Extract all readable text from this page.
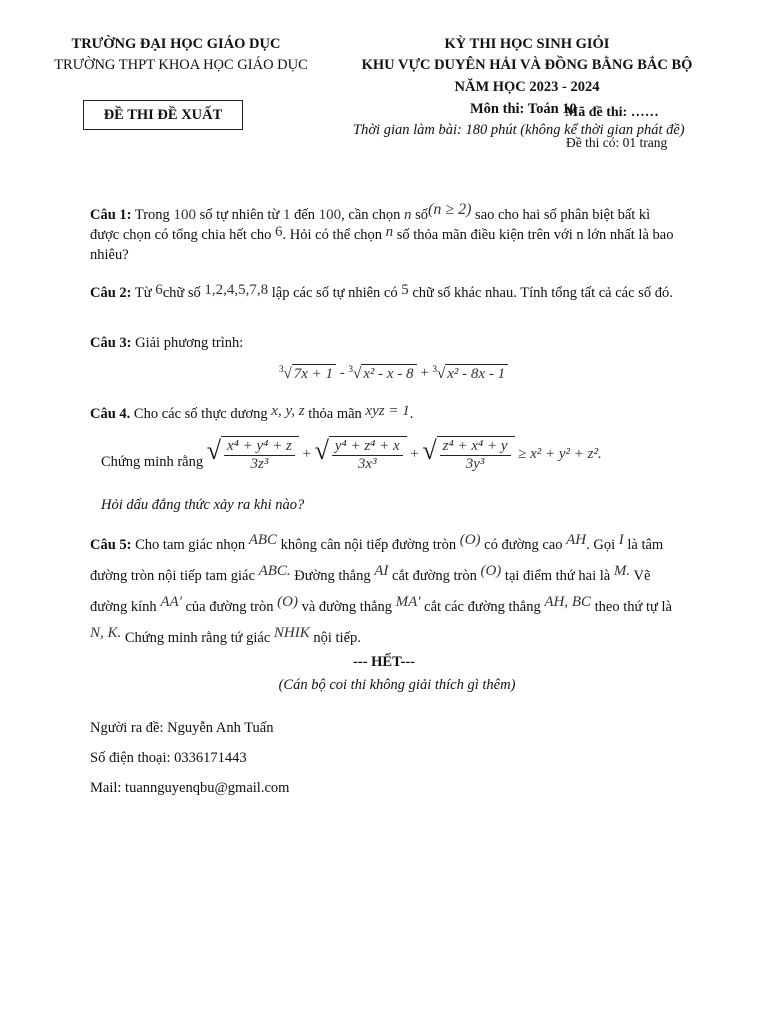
TRƯỜNG ĐẠI HỌC GIÁO DỤC
TRƯỜNG THPT KHOA HỌC GIÁO DỤC
ĐỀ THI ĐỀ XUẤT
KỲ THI HỌC SINH GIỎI
KHU VỰC DUYÊN HẢI VÀ ĐỒNG BẰNG BẮC BỘ
NĂM HỌC 2023 - 2024
Môn thi: Toán 10
Mã đề thi: ……
Thời gian làm bài: 180 phút (không kể thời gian phát đề)
Đề thi có: 01 trang
Câu 1: Trong 100 số tự nhiên từ 1 đến 100, cần chọn n số(n ≥ 2) sao cho hai số phân biệt bất kì được chọn có tổng chia hết cho 6. Hỏi có thể chọn n số thỏa mãn điều kiện trên với n lớn nhất là bao nhiêu?
Câu 2: Từ 6chữ số 1,2,4,5,7,8 lập các số tự nhiên có 5 chữ số khác nhau. Tính tổng tất cả các số đó.
Câu 3: Giải phương trình:
$^3$√ 7x + 1 - $^3$√ x² - x - 8 + $^3$√ x² - 8x - 1
Câu 4. Cho các số thực dương x, y, z thỏa mãn xyz = 1.
Chứng minh rằng √ $\frac{\text{x⁴ + y⁴ + z}}{\text{3z³}}$ + √ $\frac{\text{y⁴ + z⁴ + x}}{\text{3x³}}$ + √ $\frac{\text{z⁴ + x⁴ + y}}{\text{3y³}} \ge x^2 + y^2 + z^2$.
Hỏi dấu đẳng thức xảy ra khi nào?
Câu 5: Cho tam giác nhọn ABC không cân nội tiếp đường tròn (O) có đường cao AH. Gọi I là tâm đường tròn nội tiếp tam giác ABC. Đường thẳng AI cắt đường tròn (O) tại điểm thứ hai là M. Vẽ đường kính AA' của đường tròn (O) và đường thẳng MA' cắt các đường thẳng AH, BC theo thứ tự là N, K. Chứng minh rằng tứ giác NHIK nội tiếp.
--- HẾT---
(Cán bộ coi thi không giải thích gì thêm)
Người ra đề: Nguyễn Anh Tuấn
Số điện thoại: 0336171443
Mail: tuannguyenqbu@gmail.com
